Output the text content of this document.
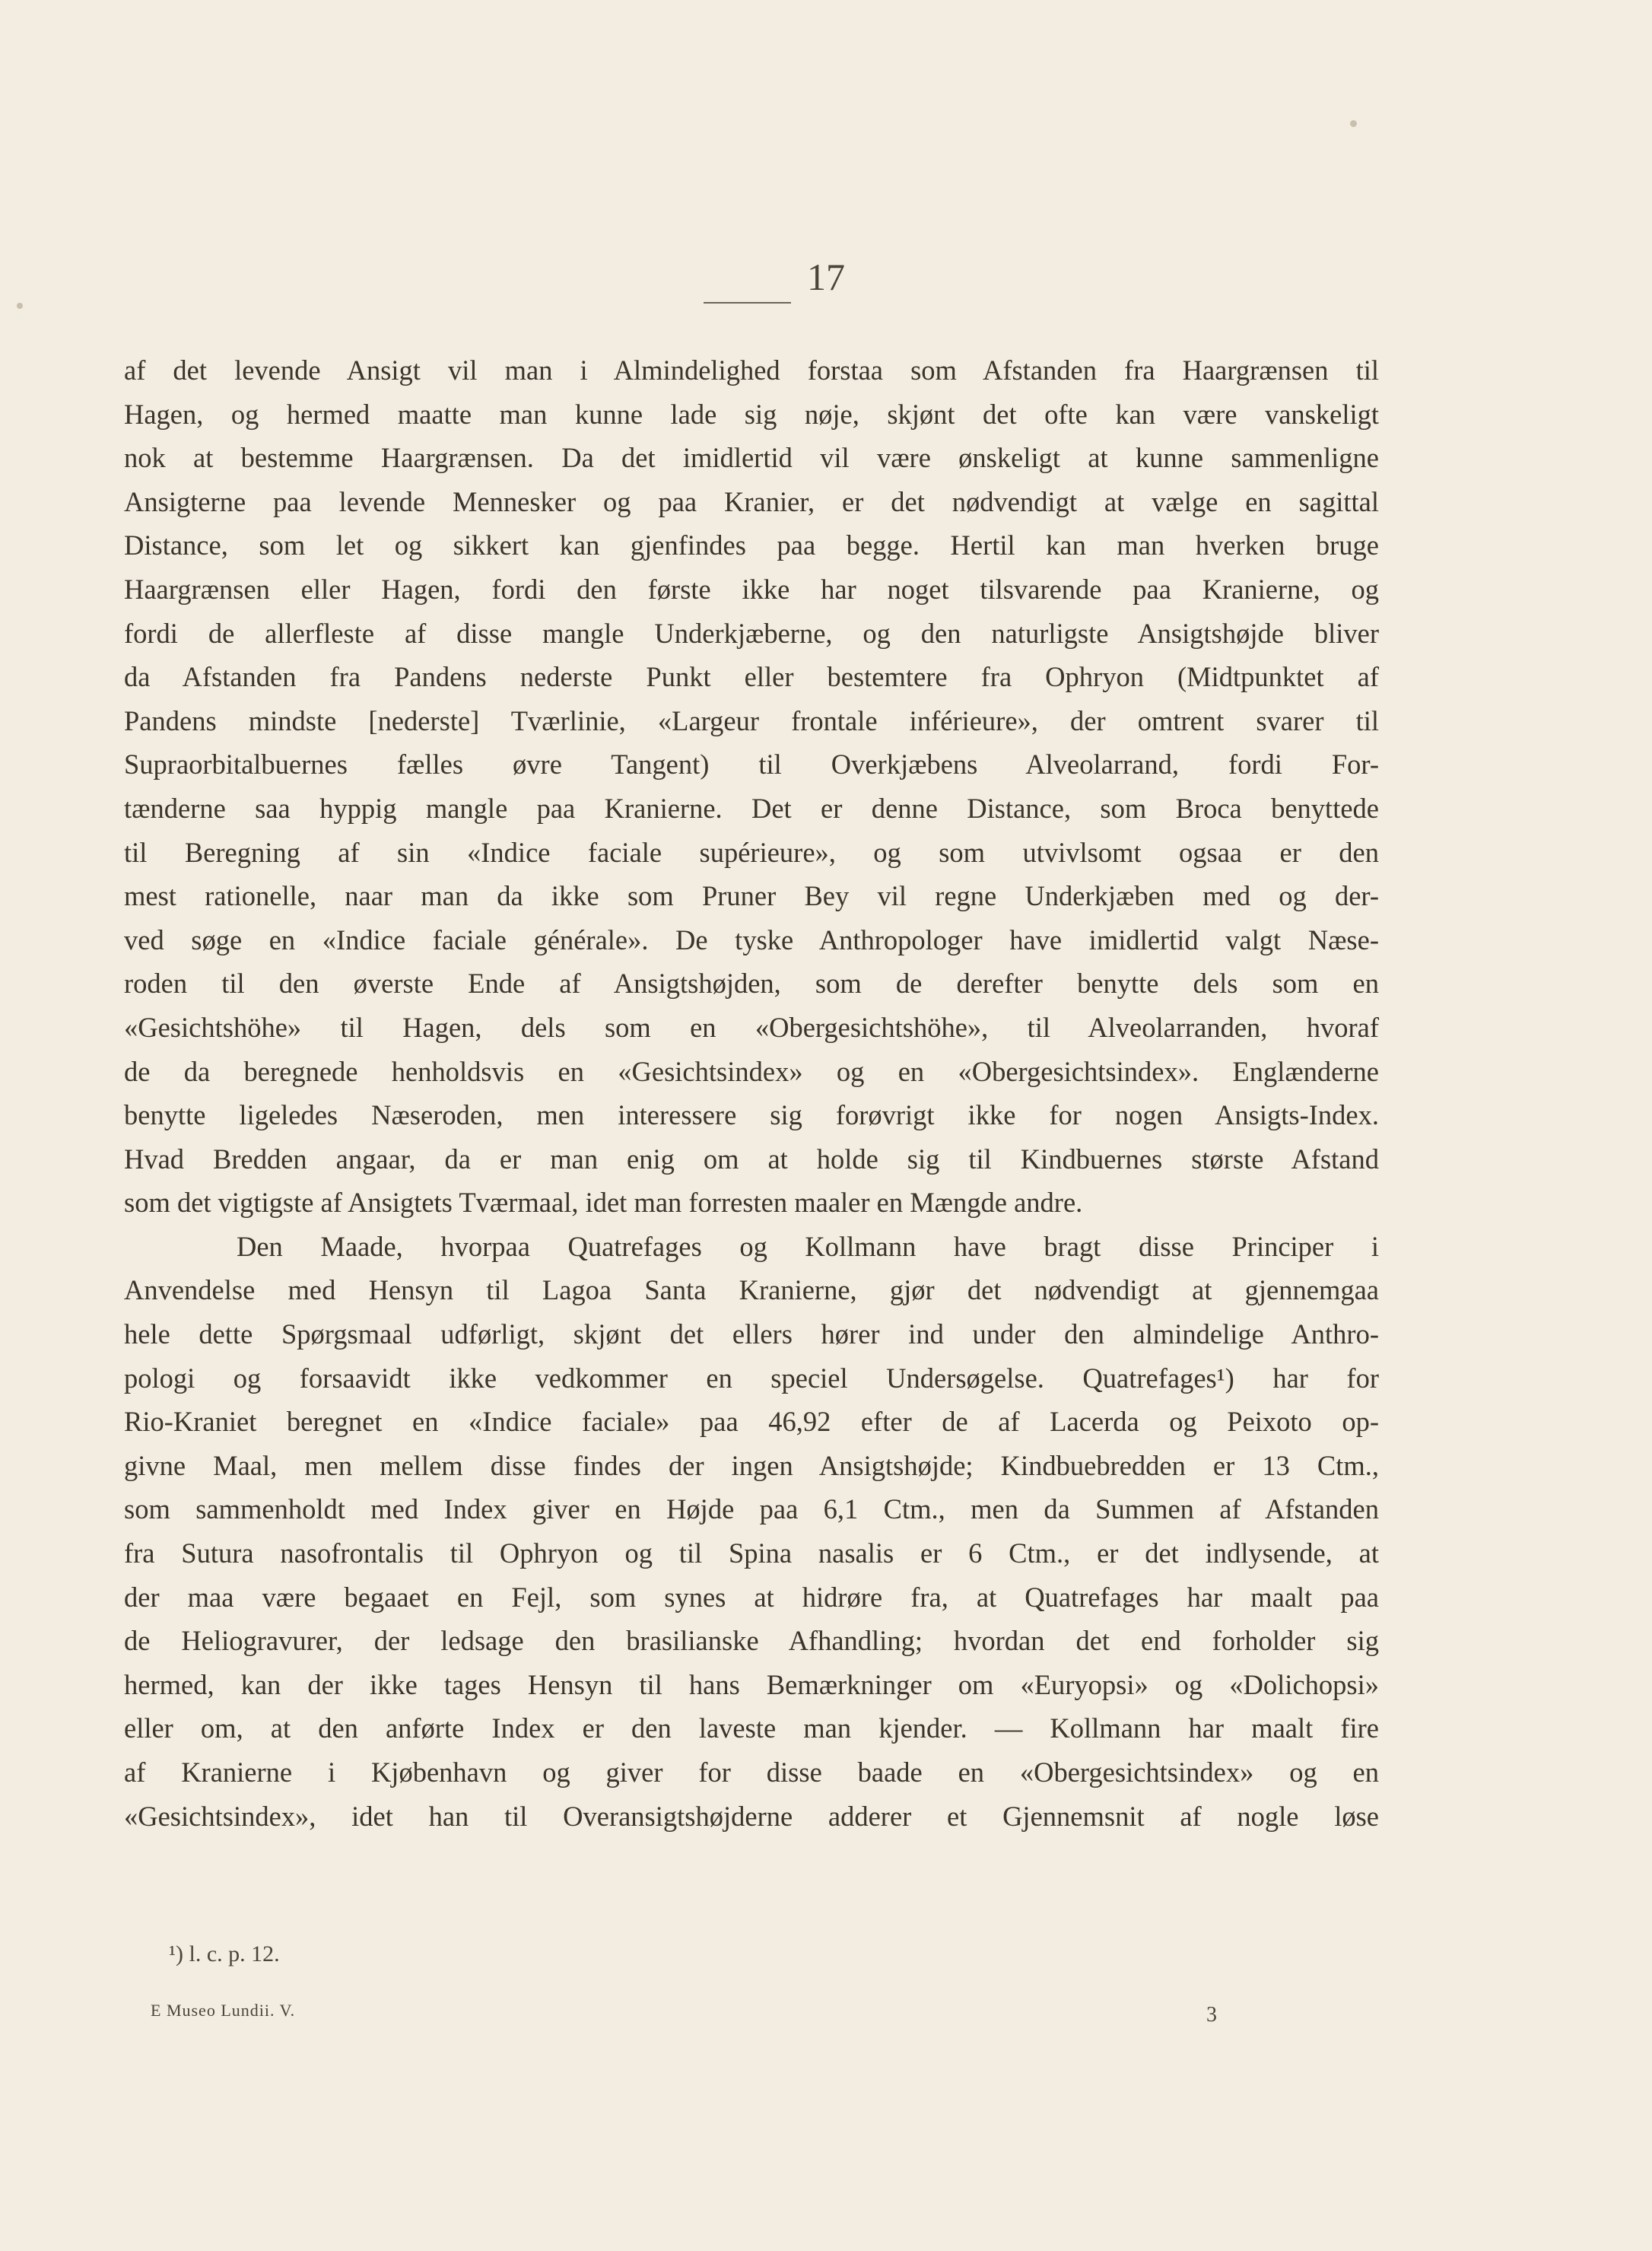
17
af det levende Ansigt vil man i Almindelighed forstaa som Afstanden fra Haargrænsen til
Hagen, og hermed maatte man kunne lade sig nøje, skjønt det ofte kan være vanskeligt
nok at bestemme Haargrænsen. Da det imidlertid vil være ønskeligt at kunne sammenligne
Ansigterne paa levende Mennesker og paa Kranier, er det nødvendigt at vælge en sagittal
Distance, som let og sikkert kan gjenfindes paa begge. Hertil kan man hverken bruge
Haargrænsen eller Hagen, fordi den første ikke har noget tilsvarende paa Kranierne, og
fordi de allerfleste af disse mangle Underkjæberne, og den naturligste Ansigtshøjde bliver
da Afstanden fra Pandens nederste Punkt eller bestemtere fra Ophryon (Midtpunktet af
Pandens mindste [nederste] Tværlinie, «Largeur frontale inférieure», der omtrent svarer til
Supraorbitalbuernes fælles øvre Tangent) til Overkjæbens Alveolarrand, fordi For-
tænderne saa hyppig mangle paa Kranierne. Det er denne Distance, som Broca benyttede
til Beregning af sin «Indice faciale supérieure», og som utvivlsomt ogsaa er den
mest rationelle, naar man da ikke som Pruner Bey vil regne Underkjæben med og der-
ved søge en «Indice faciale générale». De tyske Anthropologer have imidlertid valgt Næse-
roden til den øverste Ende af Ansigtshøjden, som de derefter benytte dels som en
«Gesichtshöhe» til Hagen, dels som en «Obergesichtshöhe», til Alveolarranden, hvoraf
de da beregnede henholdsvis en «Gesichtsindex» og en «Obergesichtsindex». Englænderne
benytte ligeledes Næseroden, men interessere sig forøvrigt ikke for nogen Ansigts-Index.
Hvad Bredden angaar, da er man enig om at holde sig til Kindbuernes største Afstand
som det vigtigste af Ansigtets Tværmaal, idet man forresten maaler en Mængde andre.
Den Maade, hvorpaa Quatrefages og Kollmann have bragt disse Principer i
Anvendelse med Hensyn til Lagoa Santa Kranierne, gjør det nødvendigt at gjennemgaa
hele dette Spørgsmaal udførligt, skjønt det ellers hører ind under den almindelige Anthro-
pologi og forsaavidt ikke vedkommer en speciel Undersøgelse. Quatrefages¹) har for
Rio-Kraniet beregnet en «Indice faciale» paa 46,92 efter de af Lacerda og Peixoto op-
givne Maal, men mellem disse findes der ingen Ansigtshøjde; Kindbuebredden er 13 Ctm.,
som sammenholdt med Index giver en Højde paa 6,1 Ctm., men da Summen af Afstanden
fra Sutura nasofrontalis til Ophryon og til Spina nasalis er 6 Ctm., er det indlysende, at
der maa være begaaet en Fejl, som synes at hidrøre fra, at Quatrefages har maalt paa
de Heliogravurer, der ledsage den brasilianske Afhandling; hvordan det end forholder sig
hermed, kan der ikke tages Hensyn til hans Bemærkninger om «Euryopsi» og «Dolichopsi»
eller om, at den anførte Index er den laveste man kjender. — Kollmann har maalt fire
af Kranierne i Kjøbenhavn og giver for disse baade en «Obergesichtsindex» og en
«Gesichtsindex», idet han til Overansigtshøjderne adderer et Gjennemsnit af nogle løse
¹) l. c. p. 12.
E Museo Lundii. V.	3
